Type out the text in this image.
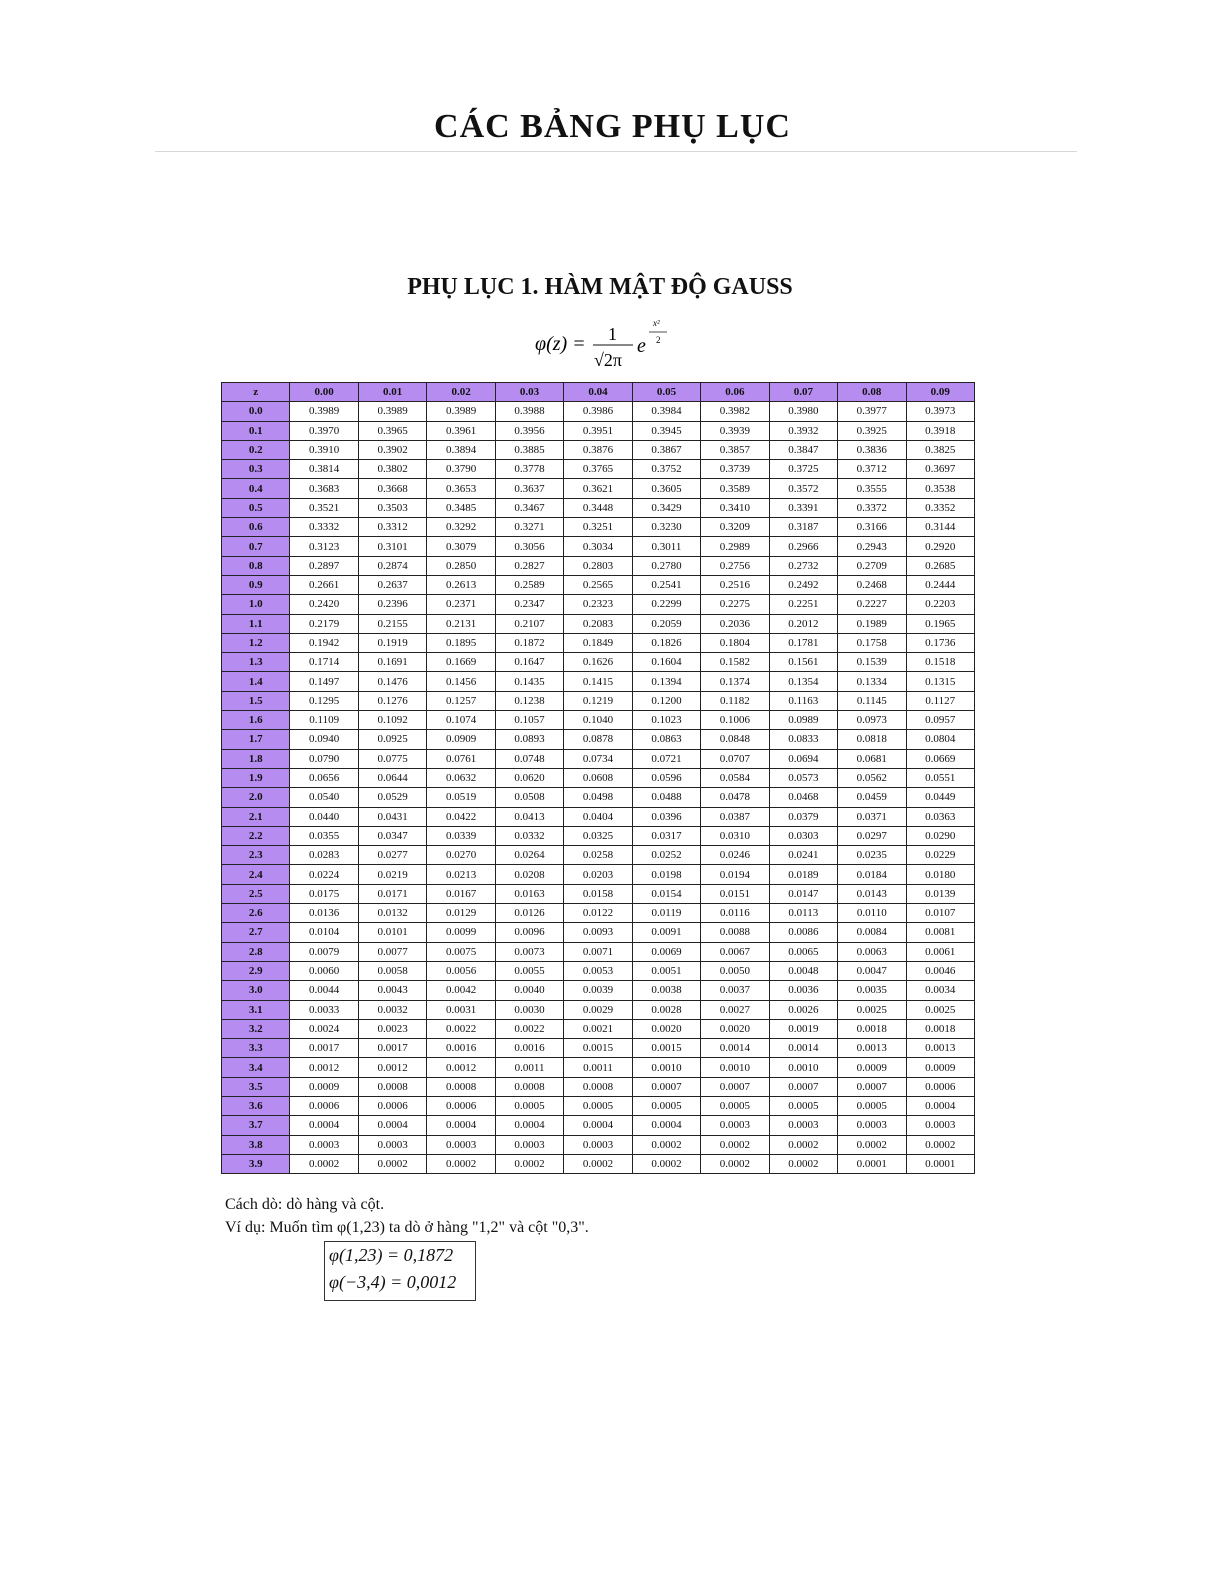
CÁC BẢNG PHỤ LỤC
PHỤ LỤC 1. HÀM MẬT ĐỘ GAUSS
φ(z) = 1
√2π
e
x²
2
z	0.00	0.01	0.02	0.03	0.04	0.05	0.06	0.07	0.08	0.09
0.0	0.3989	0.3989	0.3989	0.3988	0.3986	0.3984	0.3982	0.3980	0.3977	0.3973
0.1	0.3970	0.3965	0.3961	0.3956	0.3951	0.3945	0.3939	0.3932	0.3925	0.3918
0.2	0.3910	0.3902	0.3894	0.3885	0.3876	0.3867	0.3857	0.3847	0.3836	0.3825
0.3	0.3814	0.3802	0.3790	0.3778	0.3765	0.3752	0.3739	0.3725	0.3712	0.3697
0.4	0.3683	0.3668	0.3653	0.3637	0.3621	0.3605	0.3589	0.3572	0.3555	0.3538
0.5	0.3521	0.3503	0.3485	0.3467	0.3448	0.3429	0.3410	0.3391	0.3372	0.3352
0.6	0.3332	0.3312	0.3292	0.3271	0.3251	0.3230	0.3209	0.3187	0.3166	0.3144
0.7	0.3123	0.3101	0.3079	0.3056	0.3034	0.3011	0.2989	0.2966	0.2943	0.2920
0.8	0.2897	0.2874	0.2850	0.2827	0.2803	0.2780	0.2756	0.2732	0.2709	0.2685
0.9	0.2661	0.2637	0.2613	0.2589	0.2565	0.2541	0.2516	0.2492	0.2468	0.2444
1.0	0.2420	0.2396	0.2371	0.2347	0.2323	0.2299	0.2275	0.2251	0.2227	0.2203
1.1	0.2179	0.2155	0.2131	0.2107	0.2083	0.2059	0.2036	0.2012	0.1989	0.1965
1.2	0.1942	0.1919	0.1895	0.1872	0.1849	0.1826	0.1804	0.1781	0.1758	0.1736
1.3	0.1714	0.1691	0.1669	0.1647	0.1626	0.1604	0.1582	0.1561	0.1539	0.1518
1.4	0.1497	0.1476	0.1456	0.1435	0.1415	0.1394	0.1374	0.1354	0.1334	0.1315
1.5	0.1295	0.1276	0.1257	0.1238	0.1219	0.1200	0.1182	0.1163	0.1145	0.1127
1.6	0.1109	0.1092	0.1074	0.1057	0.1040	0.1023	0.1006	0.0989	0.0973	0.0957
1.7	0.0940	0.0925	0.0909	0.0893	0.0878	0.0863	0.0848	0.0833	0.0818	0.0804
1.8	0.0790	0.0775	0.0761	0.0748	0.0734	0.0721	0.0707	0.0694	0.0681	0.0669
1.9	0.0656	0.0644	0.0632	0.0620	0.0608	0.0596	0.0584	0.0573	0.0562	0.0551
2.0	0.0540	0.0529	0.0519	0.0508	0.0498	0.0488	0.0478	0.0468	0.0459	0.0449
2.1	0.0440	0.0431	0.0422	0.0413	0.0404	0.0396	0.0387	0.0379	0.0371	0.0363
2.2	0.0355	0.0347	0.0339	0.0332	0.0325	0.0317	0.0310	0.0303	0.0297	0.0290
2.3	0.0283	0.0277	0.0270	0.0264	0.0258	0.0252	0.0246	0.0241	0.0235	0.0229
2.4	0.0224	0.0219	0.0213	0.0208	0.0203	0.0198	0.0194	0.0189	0.0184	0.0180
2.5	0.0175	0.0171	0.0167	0.0163	0.0158	0.0154	0.0151	0.0147	0.0143	0.0139
2.6	0.0136	0.0132	0.0129	0.0126	0.0122	0.0119	0.0116	0.0113	0.0110	0.0107
2.7	0.0104	0.0101	0.0099	0.0096	0.0093	0.0091	0.0088	0.0086	0.0084	0.0081
2.8	0.0079	0.0077	0.0075	0.0073	0.0071	0.0069	0.0067	0.0065	0.0063	0.0061
2.9	0.0060	0.0058	0.0056	0.0055	0.0053	0.0051	0.0050	0.0048	0.0047	0.0046
3.0	0.0044	0.0043	0.0042	0.0040	0.0039	0.0038	0.0037	0.0036	0.0035	0.0034
3.1	0.0033	0.0032	0.0031	0.0030	0.0029	0.0028	0.0027	0.0026	0.0025	0.0025
3.2	0.0024	0.0023	0.0022	0.0022	0.0021	0.0020	0.0020	0.0019	0.0018	0.0018
3.3	0.0017	0.0017	0.0016	0.0016	0.0015	0.0015	0.0014	0.0014	0.0013	0.0013
3.4	0.0012	0.0012	0.0012	0.0011	0.0011	0.0010	0.0010	0.0010	0.0009	0.0009
3.5	0.0009	0.0008	0.0008	0.0008	0.0008	0.0007	0.0007	0.0007	0.0007	0.0006
3.6	0.0006	0.0006	0.0006	0.0005	0.0005	0.0005	0.0005	0.0005	0.0005	0.0004
3.7	0.0004	0.0004	0.0004	0.0004	0.0004	0.0004	0.0003	0.0003	0.0003	0.0003
3.8	0.0003	0.0003	0.0003	0.0003	0.0003	0.0002	0.0002	0.0002	0.0002	0.0002
3.9	0.0002	0.0002	0.0002	0.0002	0.0002	0.0002	0.0002	0.0002	0.0001	0.0001

Cách dò: dò hàng và cột.

Ví dụ: Muốn tìm φ(1,23) ta dò ở hàng "1,2" và cột "0,3".

φ(1,23) = 0,1872
φ(−3,4) = 0,0012
